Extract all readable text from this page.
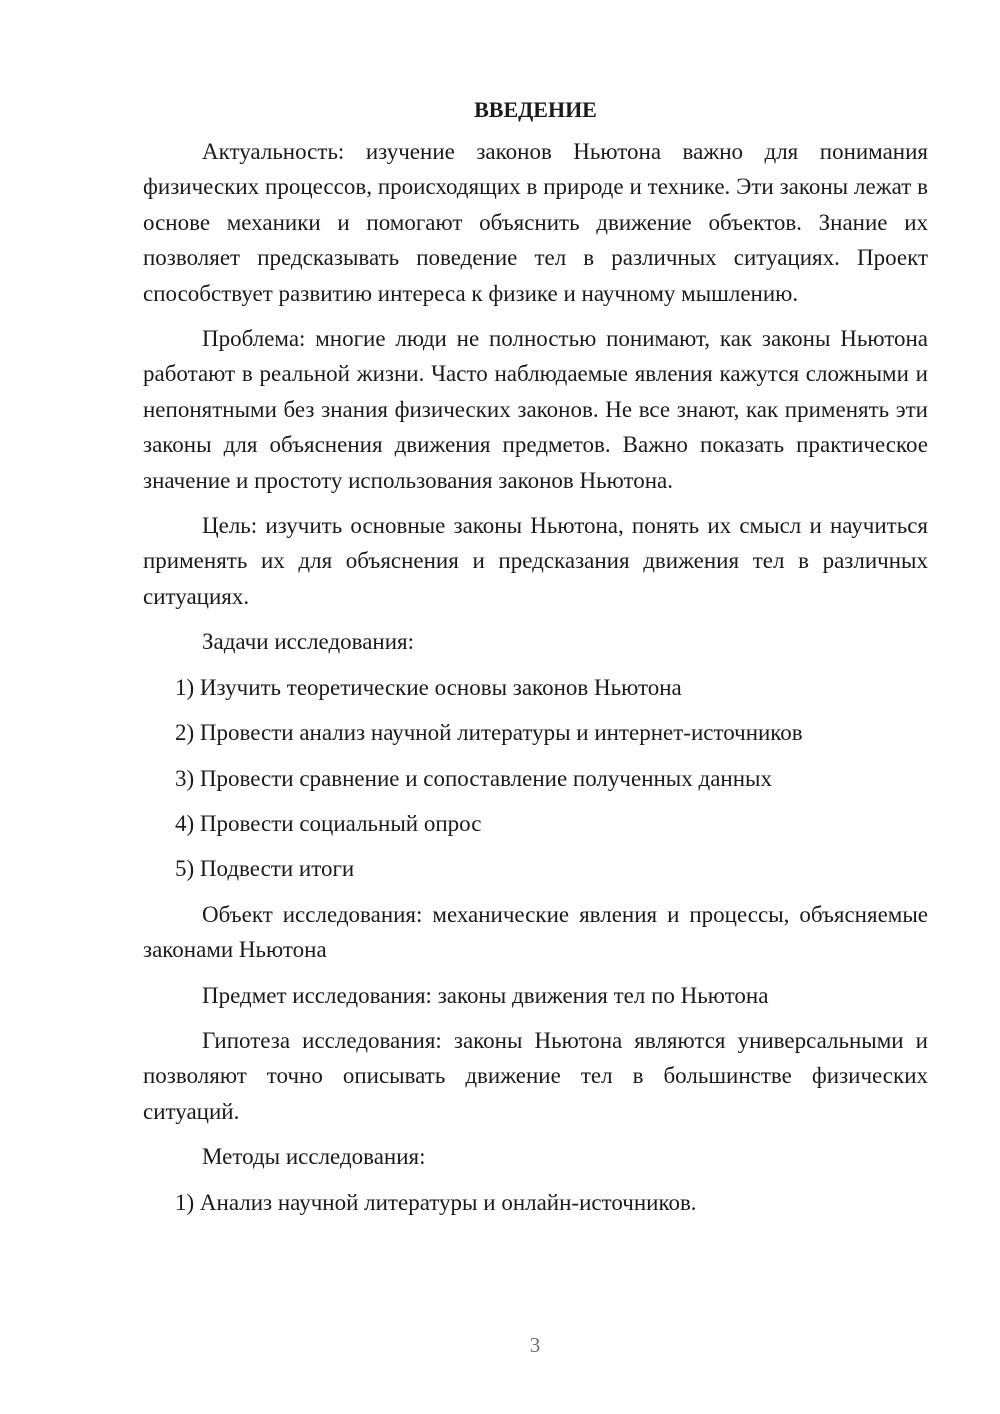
ВВЕДЕНИЕ

Актуальность: изучение законов Ньютона важно для понимания физических процессов, происходящих в природе и технике. Эти законы лежат в основе механики и помогают объяснить движение объектов. Знание их позволяет предсказывать поведение тел в различных ситуациях. Проект способствует развитию интереса к физике и научному мышлению.

Проблема: многие люди не полностью понимают, как законы Ньютона работают в реальной жизни. Часто наблюдаемые явления кажутся сложными и непонятными без знания физических законов. Не все знают, как применять эти законы для объяснения движения предметов. Важно показать практическое значение и простоту использования законов Ньютона.

Цель: изучить основные законы Ньютона, понять их смысл и научиться применять их для объяснения и предсказания движения тел в различных ситуациях.

Задачи исследования:

1) Изучить теоретические основы законов Ньютона
2) Провести анализ научной литературы и интернет-источников
3) Провести сравнение и сопоставление полученных данных
4) Провести социальный опрос
5) Подвести итоги

Объект исследования: механические явления и процессы, объясняемые законами Ньютона

Предмет исследования: законы движения тел по Ньютона

Гипотеза исследования: законы Ньютона являются универсальными и позволяют точно описывать движение тел в большинстве физических ситуаций.

Методы исследования:

1) Анализ научной литературы и онлайн-источников.
3
